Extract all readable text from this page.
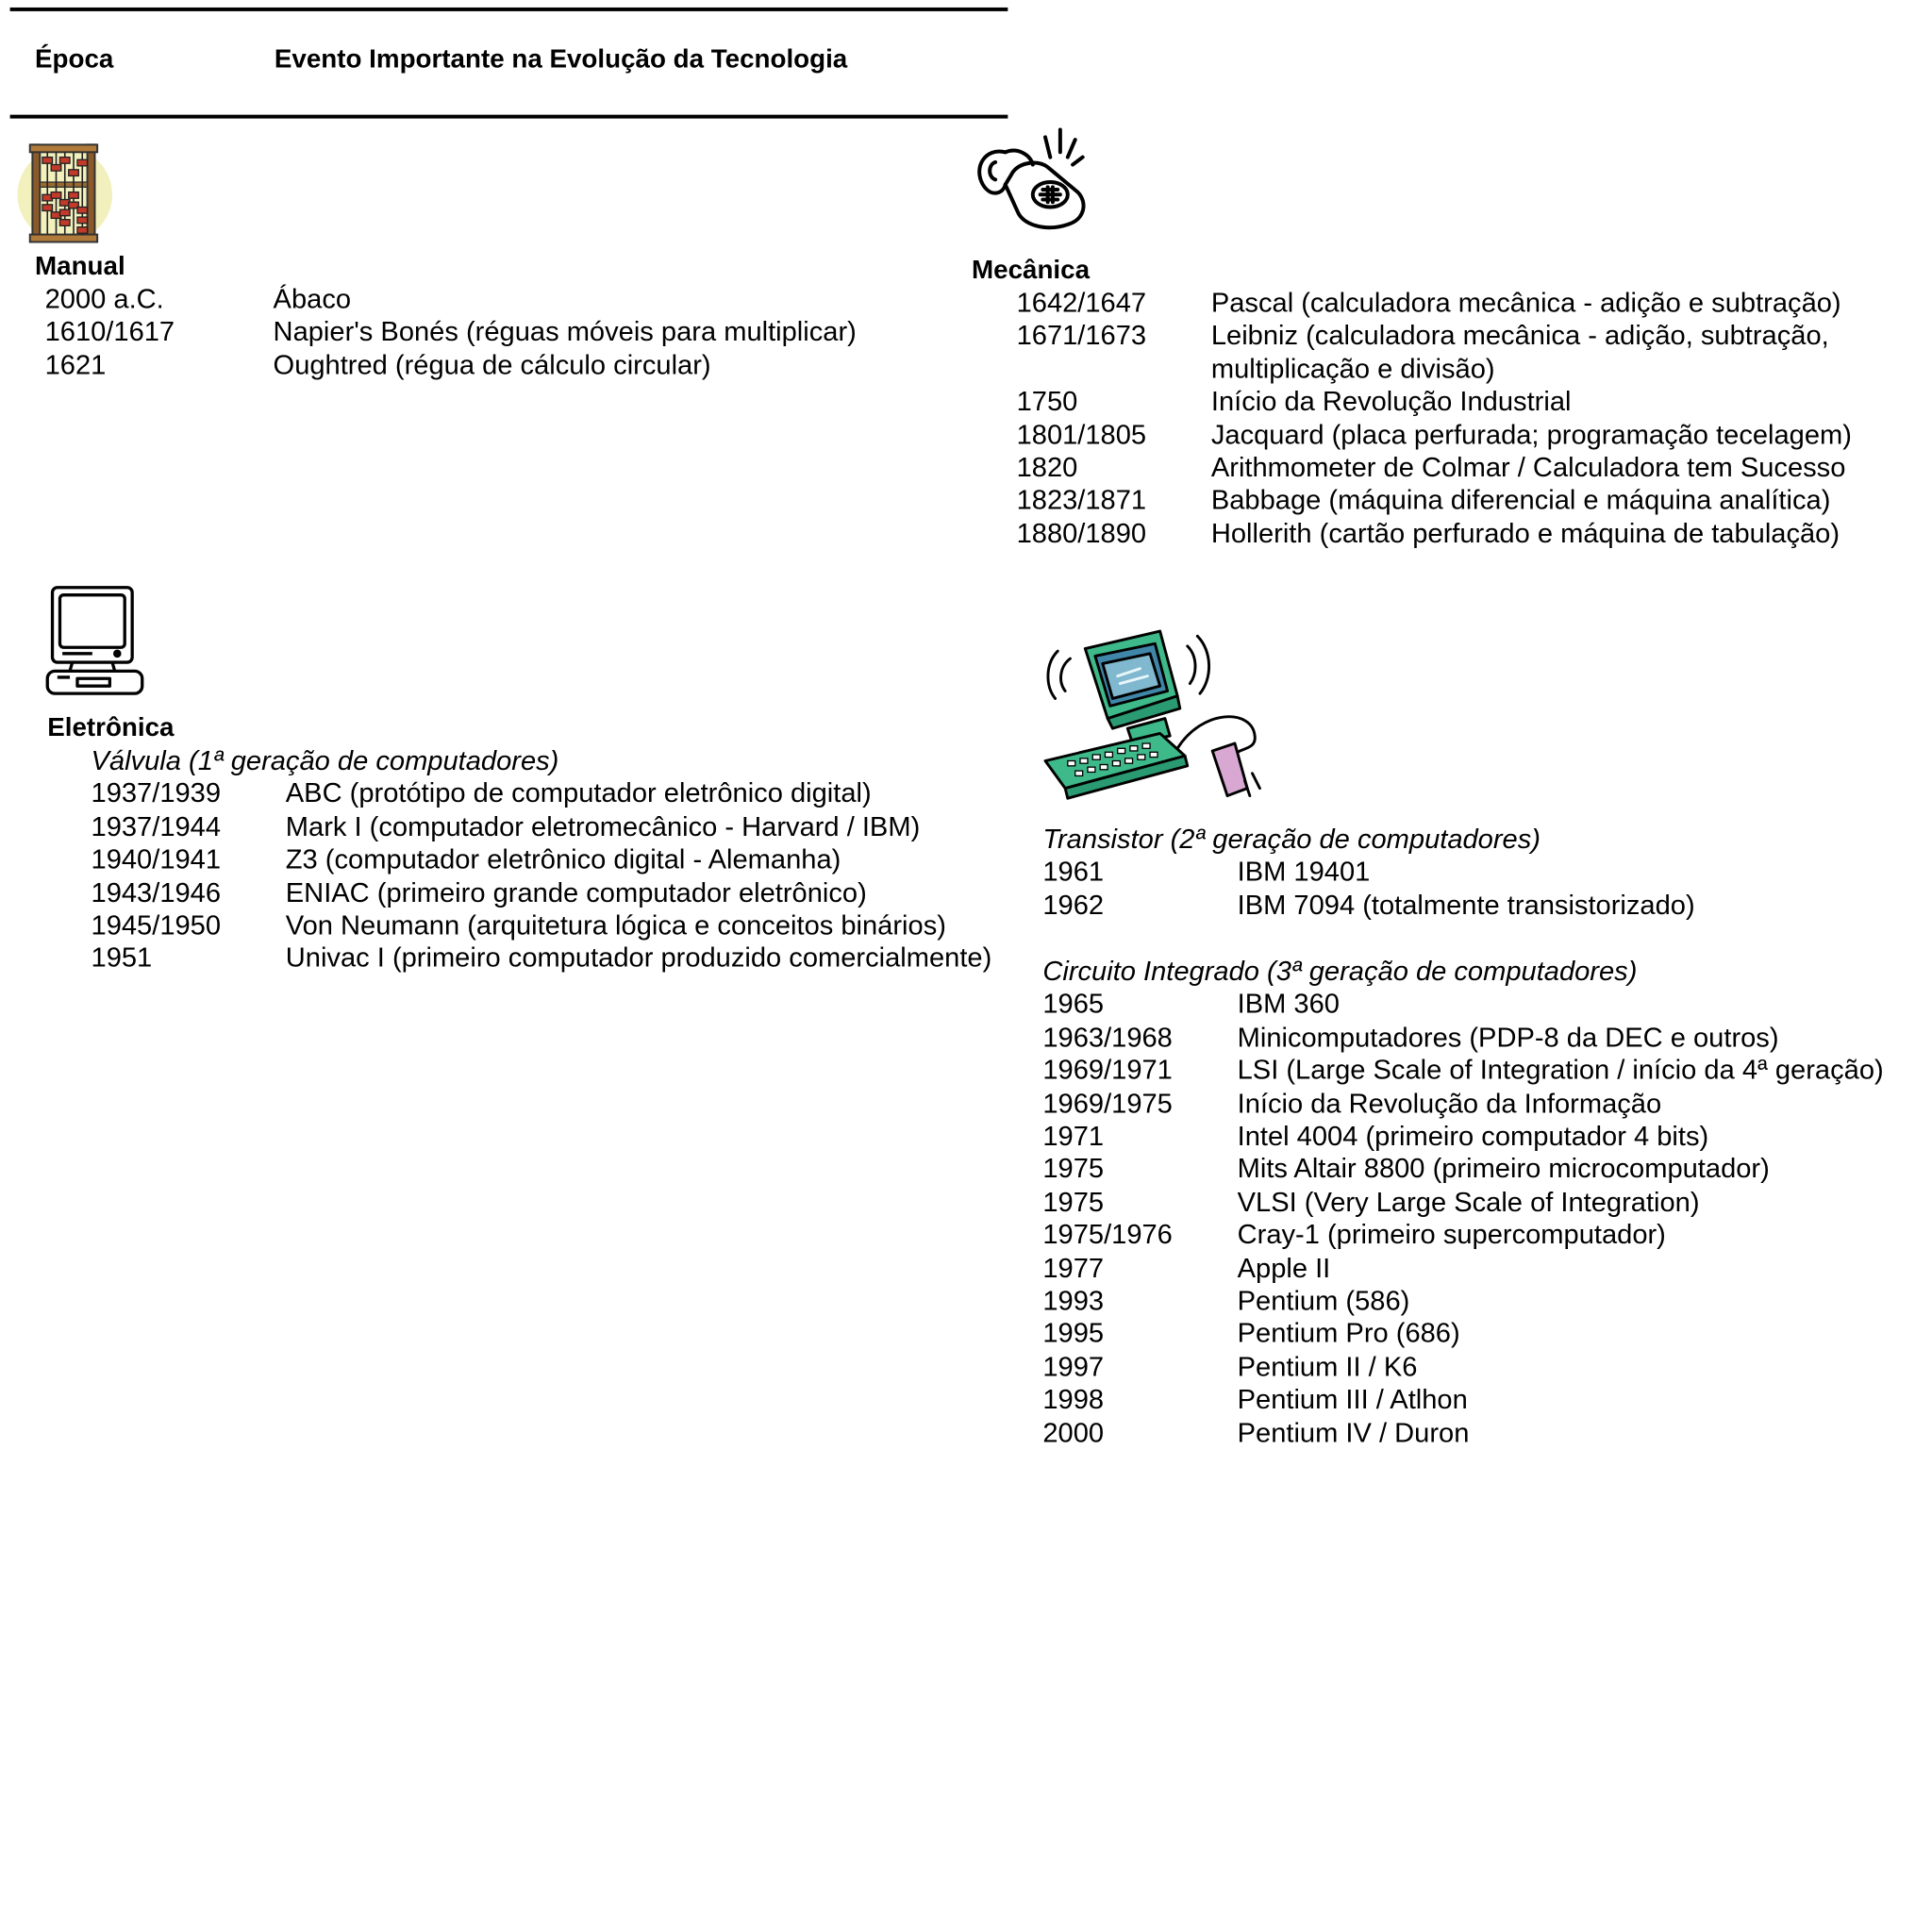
Época	Evento Importante na Evolução da Tecnologia
Manual
2000 a.C.	Ábaco
1610/1617	Napier's Bonés (réguas móveis para multiplicar)
1621	Oughtred (régua de cálculo circular)
Mecânica
1642/1647	Pascal (calculadora mecânica - adição e subtração)
1671/1673	Leibniz (calculadora mecânica - adição, subtração, multiplicação e divisão)
1750	Início da Revolução Industrial
1801/1805	Jacquard (placa perfurada; programação tecelagem)
1820	Arithmometer de Colmar / Calculadora tem Sucesso
1823/1871	Babbage (máquina diferencial e máquina analítica)
1880/1890	Hollerith (cartão perfurado e máquina de tabulação)
Eletrônica
Válvula (1ª geração de computadores)
1937/1939	ABC (protótipo de computador eletrônico digital)
1937/1944	Mark I (computador eletromecânico - Harvard / IBM)
1940/1941	Z3 (computador eletrônico digital - Alemanha)
1943/1946	ENIAC (primeiro grande computador eletrônico)
1945/1950	Von Neumann (arquitetura lógica e conceitos binários)
1951	Univac I (primeiro computador produzido comercialmente)
Transistor (2ª geração de computadores)
1961	IBM 19401
1962	IBM 7094 (totalmente transistorizado)
Circuito Integrado (3ª geração de computadores)
1965	IBM 360
1963/1968	Minicomputadores (PDP-8 da DEC e outros)
1969/1971	LSI (Large Scale of Integration / início da 4ª geração)
1969/1975	Início da Revolução da Informação
1971	Intel 4004 (primeiro computador 4 bits)
1975	Mits Altair 8800 (primeiro microcomputador)
1975	VLSI (Very Large Scale of Integration)
1975/1976	Cray-1 (primeiro supercomputador)
1977	Apple II
1993	Pentium (586)
1995	Pentium Pro (686)
1997	Pentium II / K6
1998	Pentium III / Atlhon
2000	Pentium IV / Duron
